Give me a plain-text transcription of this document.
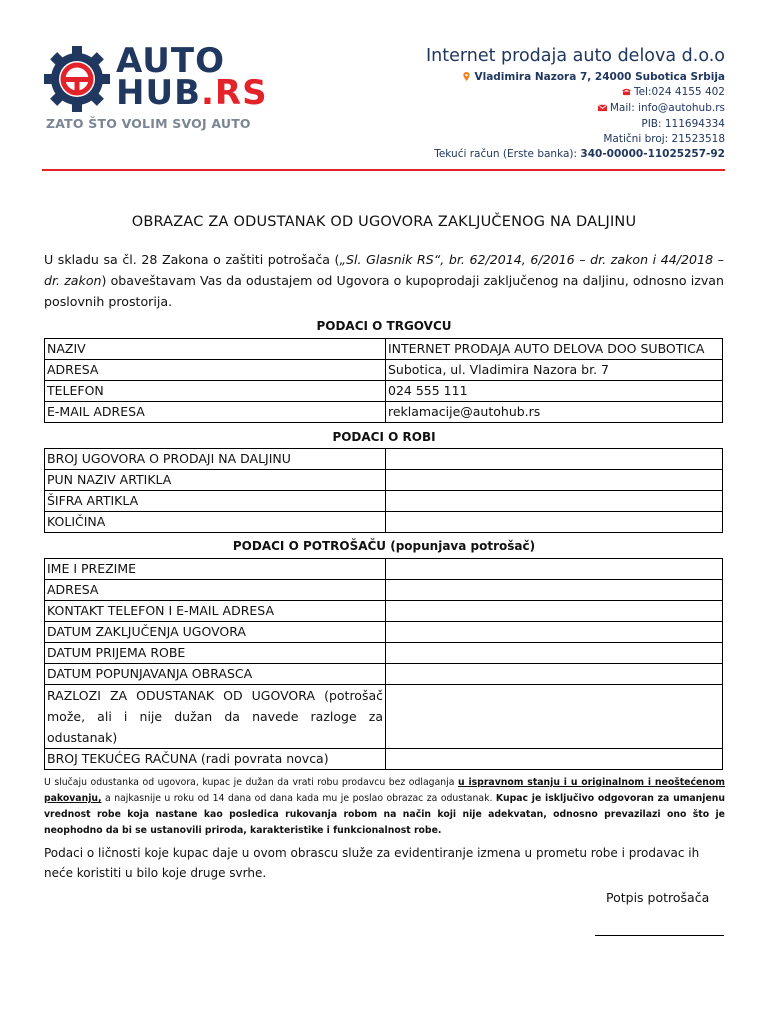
AUTO
HUB.RS
ZATO ŠTO VOLIM SVOJ AUTO
Internet prodaja auto delova d.o.o
Vladimira Nazora 7, 24000 Subotica Srbija
Tel:024 4155 402
Mail: info@autohub.rs
PIB: 111694334
Matični broj: 21523518
Tekući račun (Erste banka): 340-00000-11025257-92
OBRAZAC ZA ODUSTANAK OD UGOVORA ZAKLJUČENOG NA DALJINU
U skladu sa čl. 28 Zakona o zaštiti potrošača („Sl. Glasnik RS“, br. 62/2014, 6/2016 – dr. zakon i 44/2018 – dr. zakon) obaveštavam Vas da odustajem od Ugovora o kupoprodaji zaključenog na daljinu, odnosno izvan poslovnih prostorija.
PODACI O TRGOVCU
NAZIV	INTERNET PRODAJA AUTO DELOVA DOO SUBOTICA
ADRESA	Subotica, ul. Vladimira Nazora br. 7
TELEFON	024 555 111
E-MAIL ADRESA	reklamacije@autohub.rs
PODACI O ROBI
BROJ UGOVORA O PRODAJI NA DALJINU	
PUN NAZIV ARTIKLA	
ŠIFRA ARTIKLA	
KOLIČINA	
PODACI O POTROŠAČU (popunjava potrošač)
IME I PREZIME	
ADRESA	
KONTAKT TELEFON I E-MAIL ADRESA	
DATUM ZAKLJUČENJA UGOVORA	
DATUM PRIJEMA ROBE	
DATUM POPUNJAVANJA OBRASCA	
RAZLOZI ZA ODUSTANAK OD UGOVORA (potrošač može, ali i nije dužan da navede razloge za odustanak)	
BROJ TEKUĆEG RAČUNA (radi povrata novca)	
U slučaju odustanka od ugovora, kupac je dužan da vrati robu prodavcu bez odlaganja u ispravnom stanju i u originalnom i neoštećenom pakovanju, a najkasnije u roku od 14 dana od dana kada mu je poslao obrazac za odustanak. Kupac je isključivo odgovoran za umanjenu vrednost robe koja nastane kao posledica rukovanja robom na način koji nije adekvatan, odnosno prevazilazi ono što je neophodno da bi se ustanovili priroda, karakteristike i funkcionalnost robe.
Podaci o ličnosti koje kupac daje u ovom obrascu služe za evidentiranje izmena u prometu robe i prodavac ih neće koristiti u bilo koje druge svrhe.
Potpis potrošača
